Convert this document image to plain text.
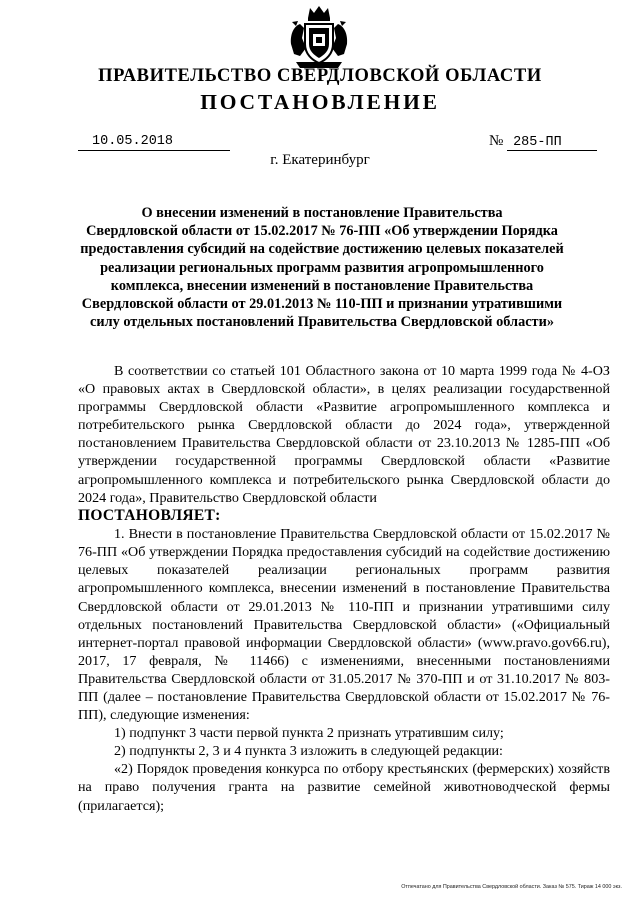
ПРАВИТЕЛЬСТВО СВЕРДЛОВСКОЙ ОБЛАСТИ
ПОСТАНОВЛЕНИЕ
10.05.2018	№ 285-ПП
г. Екатеринбург
О внесении изменений в постановление Правительства
Свердловской области от 15.02.2017 № 76-ПП «Об утверждении Порядка
предоставления субсидий на содействие достижению целевых показателей
реализации региональных программ развития агропромышленного
комплекса, внесении изменений в постановление Правительства
Свердловской области от 29.01.2013 № 110-ПП и признании утратившими
силу отдельных постановлений Правительства Свердловской области»

В соответствии со статьей 101 Областного закона от 10 марта 1999 года № 4-ОЗ «О правовых актах в Свердловской области», в целях реализации государственной программы Свердловской области «Развитие агропромышленного комплекса и потребительского рынка Свердловской области до 2024 года», утвержденной постановлением Правительства Свердловской области от 23.10.2013 № 1285-ПП «Об утверждении государственной программы Свердловской области «Развитие агропромышленного комплекса и потребительского рынка Свердловской области до 2024 года», Правительство Свердловской области

ПОСТАНОВЛЯЕТ:

1. Внести в постановление Правительства Свердловской области от 15.02.2017 № 76-ПП «Об утверждении Порядка предоставления субсидий на содействие достижению целевых показателей реализации региональных программ развития агропромышленного комплекса, внесении изменений в постановление Правительства Свердловской области от 29.01.2013 № 110-ПП и признании утратившими силу отдельных постановлений Правительства Свердловской области» («Официальный интернет-портал правовой информации Свердловской области» (www.pravo.gov66.ru), 2017, 17 февраля, № 11466) с изменениями, внесенными постановлениями Правительства Свердловской области от 31.05.2017 № 370-ПП и от 31.10.2017 № 803-ПП (далее – постановление Правительства Свердловской области от 15.02.2017 № 76-ПП), следующие изменения:

1) подпункт 3 части первой пункта 2 признать утратившим силу;

2) подпункты 2, 3 и 4 пункта 3 изложить в следующей редакции:

«2) Порядок проведения конкурса по отбору крестьянских (фермерских) хозяйств на право получения гранта на развитие семейной животноводческой фермы (прилагается);

Отпечатано для Правительства Свердловской области. Заказ № 575. Тираж 14 000 экз.
